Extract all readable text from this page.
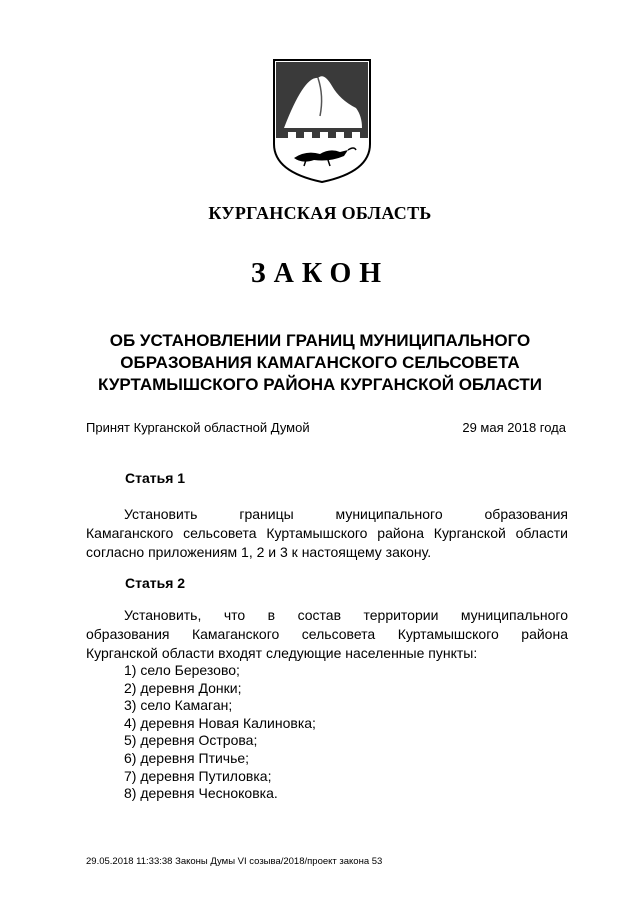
КУРГАНСКАЯ ОБЛАСТЬ
ЗАКОН
ОБ УСТАНОВЛЕНИИ ГРАНИЦ МУНИЦИПАЛЬНОГО
ОБРАЗОВАНИЯ КАМАГАНСКОГО СЕЛЬСОВЕТА
КУРТАМЫШСКОГО РАЙОНА КУРГАНСКОЙ ОБЛАСТИ
Принят Курганской областной Думой	29 мая 2018 года
Статья 1
Установить границы муниципального образования
Камаганского сельсовета Куртамышского района Курганской области
согласно приложениям 1, 2 и 3 к настоящему закону.
Статья 2
Установить, что в состав территории муниципального
образования Камаганского сельсовета Куртамышского района
Курганской области входят следующие населенные пункты:
1) село Березово;
2) деревня Донки;
3) село Камаган;
4) деревня Новая Калиновка;
5) деревня Острова;
6) деревня Птичье;
7) деревня Путиловка;
8) деревня Чесноковка.
29.05.2018 11:33:38 Законы Думы VI созыва/2018/проект закона 53
